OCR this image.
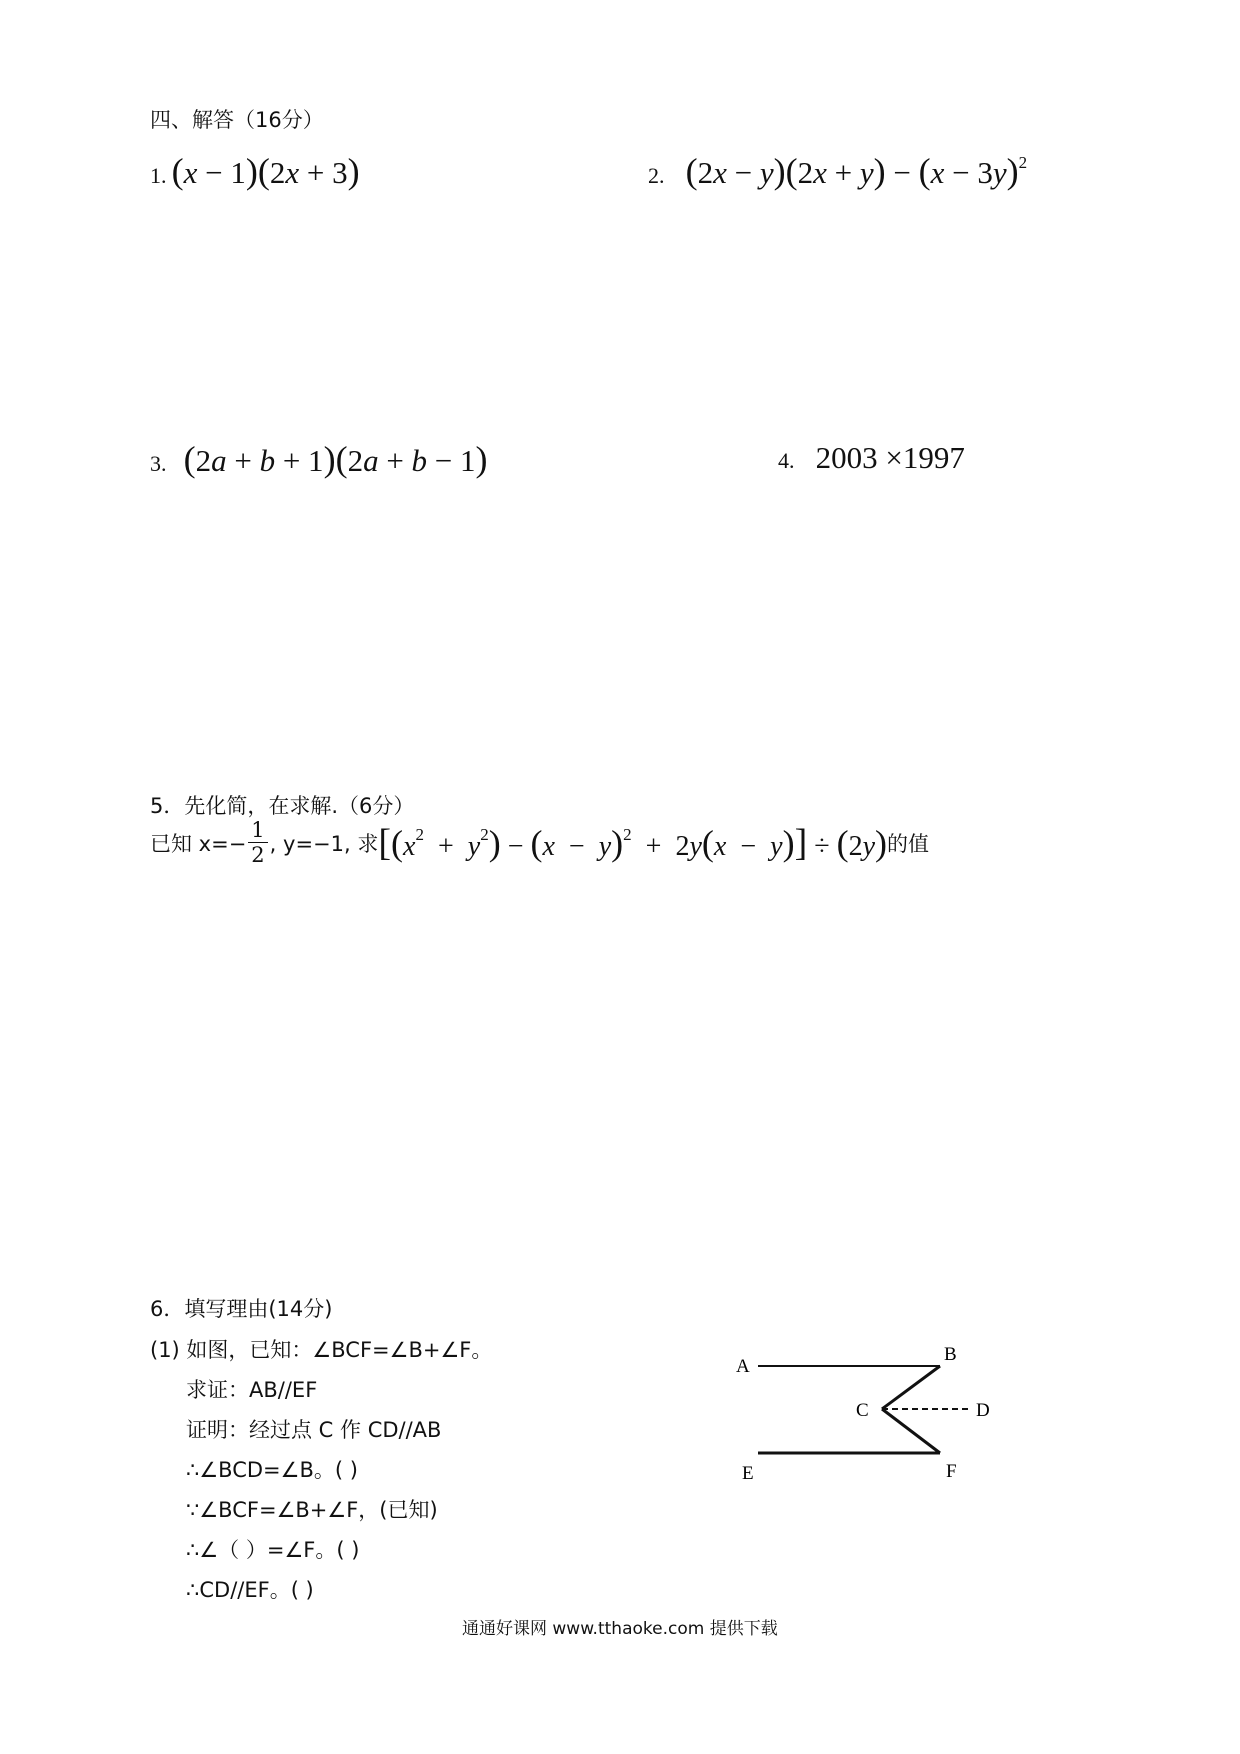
四、解答（16分）
1. (x − 1)(2x + 3)	2. $(2x - y)(2x + y) - (x - 3y)^2$
3. (2a + b + 1)(2a + b − 1)	4. 2003 ×1997
5．先化简，在求解.（6分）
已知 $x=- \frac{1}{2}$ , y=−1, 求 $[(x^2 + y^2) - (x - y)^2 + 2y(x - y)] \div (2y)$ 的值
6．填写理由(14分)
(1) 如图，已知：∠BCF=∠B+∠F。
求证：AB//EF
证明：经过点 C 作 CD//AB
∴∠BCD=∠B。( )
∵∠BCF=∠B+∠F，(已知)
∴∠（ ）=∠F。( )
∴CD//EF。( )
A
B
C	D
E	F
通通好课网 www.tthaoke.com 提供下载
